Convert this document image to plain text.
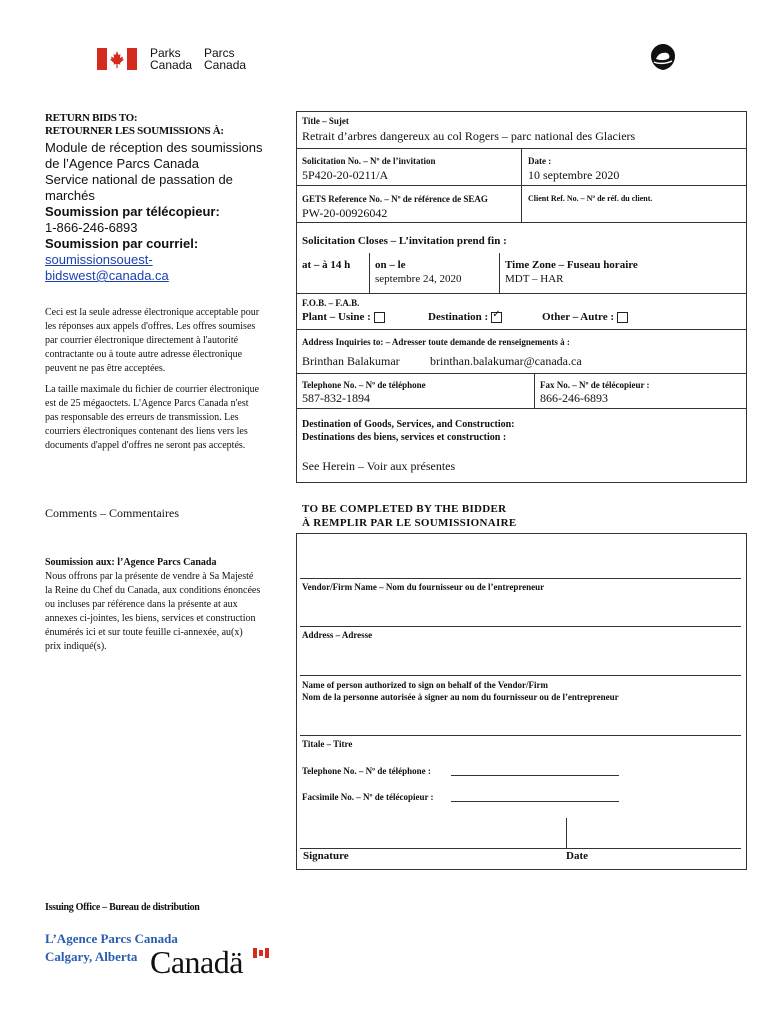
Parks
Canada
Parcs
Canada
RETURN BIDS TO:
RETOURNER LES SOUMISSIONS À:
Module de réception des soumissions
de l’Agence Parcs Canada
Service national de passation de
marchés
Soumission par télécopieur:
1-866-246-6893
Soumission par courriel:
soumissionsouest-
bidswest@canada.ca
Ceci est la seule adresse électronique acceptable pour
les réponses aux appels d'offres. Les offres soumises
par courrier électronique directement à l'autorité
contractante ou à toute autre adresse électronique
peuvent ne pas être acceptées.
La taille maximale du fichier de courrier électronique
est de 25 mégaoctets. L'Agence Parcs Canada n'est
pas responsable des erreurs de transmission. Les
courriers électroniques contenant des liens vers les
documents d'appel d'offres ne seront pas acceptés.
Comments – Commentaires
Soumission aux: l’Agence Parcs Canada
Nous offrons par la présente de vendre à Sa Majesté
la Reine du Chef du Canada, aux conditions énoncées
ou incluses par référence dans la présente at aux
annexes ci-jointes, les biens, services et construction
énumérés ici et sur toute feuille ci-annexée, au(x)
prix indiqué(s).
Issuing Office – Bureau de distribution
L’Agence Parcs Canada
Calgary, Alberta Canadä
Title – Sujet
Retrait d’arbres dangereux au col Rogers – parc national des Glaciers
Solicitation No. – Nº de l’invitation
5P420-20-0211/A
Date :
10 septembre 2020
GETS Reference No. – Nº de référence de SEAG
PW-20-00926042
Client Ref. No. – Nº de réf. du client.
Solicitation Closes – L’invitation prend fin :
at – à 14 h on – le
septembre 24, 2020
Time Zone – Fuseau horaire
MDT – HAR
F.O.B. – F.A.B.
Plant – Usine :	Destination :✓	Other – Autre :
Address Inquiries to: – Adresser toute demande de renseignements à :
Brinthan Balakumar	brinthan.balakumar@canada.ca
Telephone No. – Nº de téléphone
587-832-1894
Fax No. – Nº de télécopieur :
866-246-6893
Destination of Goods, Services, and Construction:
Destinations des biens, services et construction :
See Herein – Voir aux présentes
TO BE COMPLETED BY THE BIDDER
À REMPLIR PAR LE SOUMISSIONAIRE
Vendor/Firm Name – Nom du fournisseur ou de l’entrepreneur
Address – Adresse
Name of person authorized to sign on behalf of the Vendor/Firm
Nom de la personne autorisée à signer au nom du fournisseur ou de l’entrepreneur
Titale – Titre
Telephone No. – Nº de téléphone :
Facsimile No. – Nº de télécopieur :
Signature	Date
